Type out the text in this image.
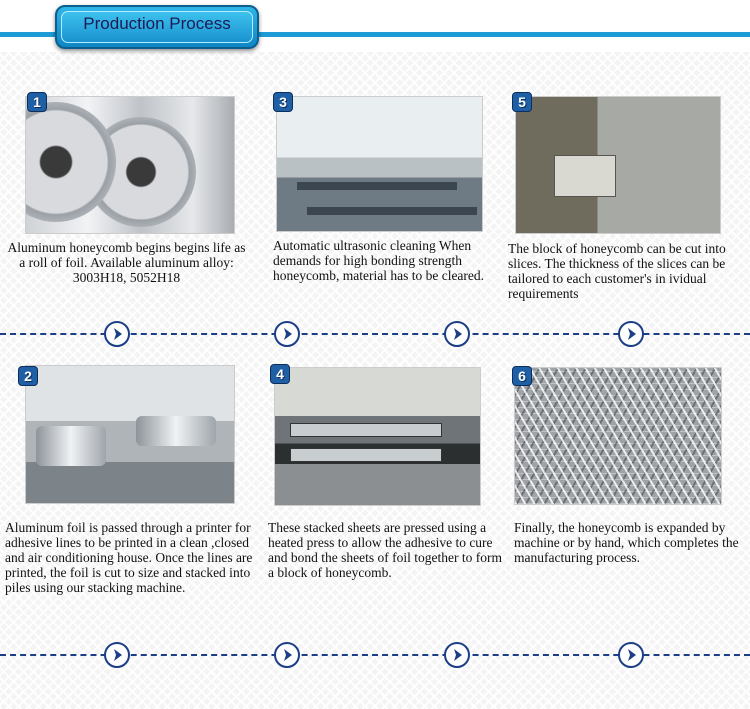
Production Process
1
Aluminum honeycomb begins begins life as a roll of foil. Available aluminum alloy: 3003H18, 5052H18
3
Automatic ultrasonic cleaning When demands for high bonding strength honeycomb, material has to be cleared.
5
The block of honeycomb can be cut into slices. The thickness of the slices can be tailored to each customer's in ividual requirements
2
Aluminum foil is passed through a printer for adhesive lines to be printed in a clean ,closed and air conditioning house. Once the lines are printed, the foil is cut to size and stacked into piles using our stacking machine.
4
These stacked sheets are pressed using a heated press to allow the adhesive to cure and bond the sheets of foil together to form a block of honeycomb.
6
Finally, the honeycomb is expanded by machine or by hand, which completes the manufacturing process.
